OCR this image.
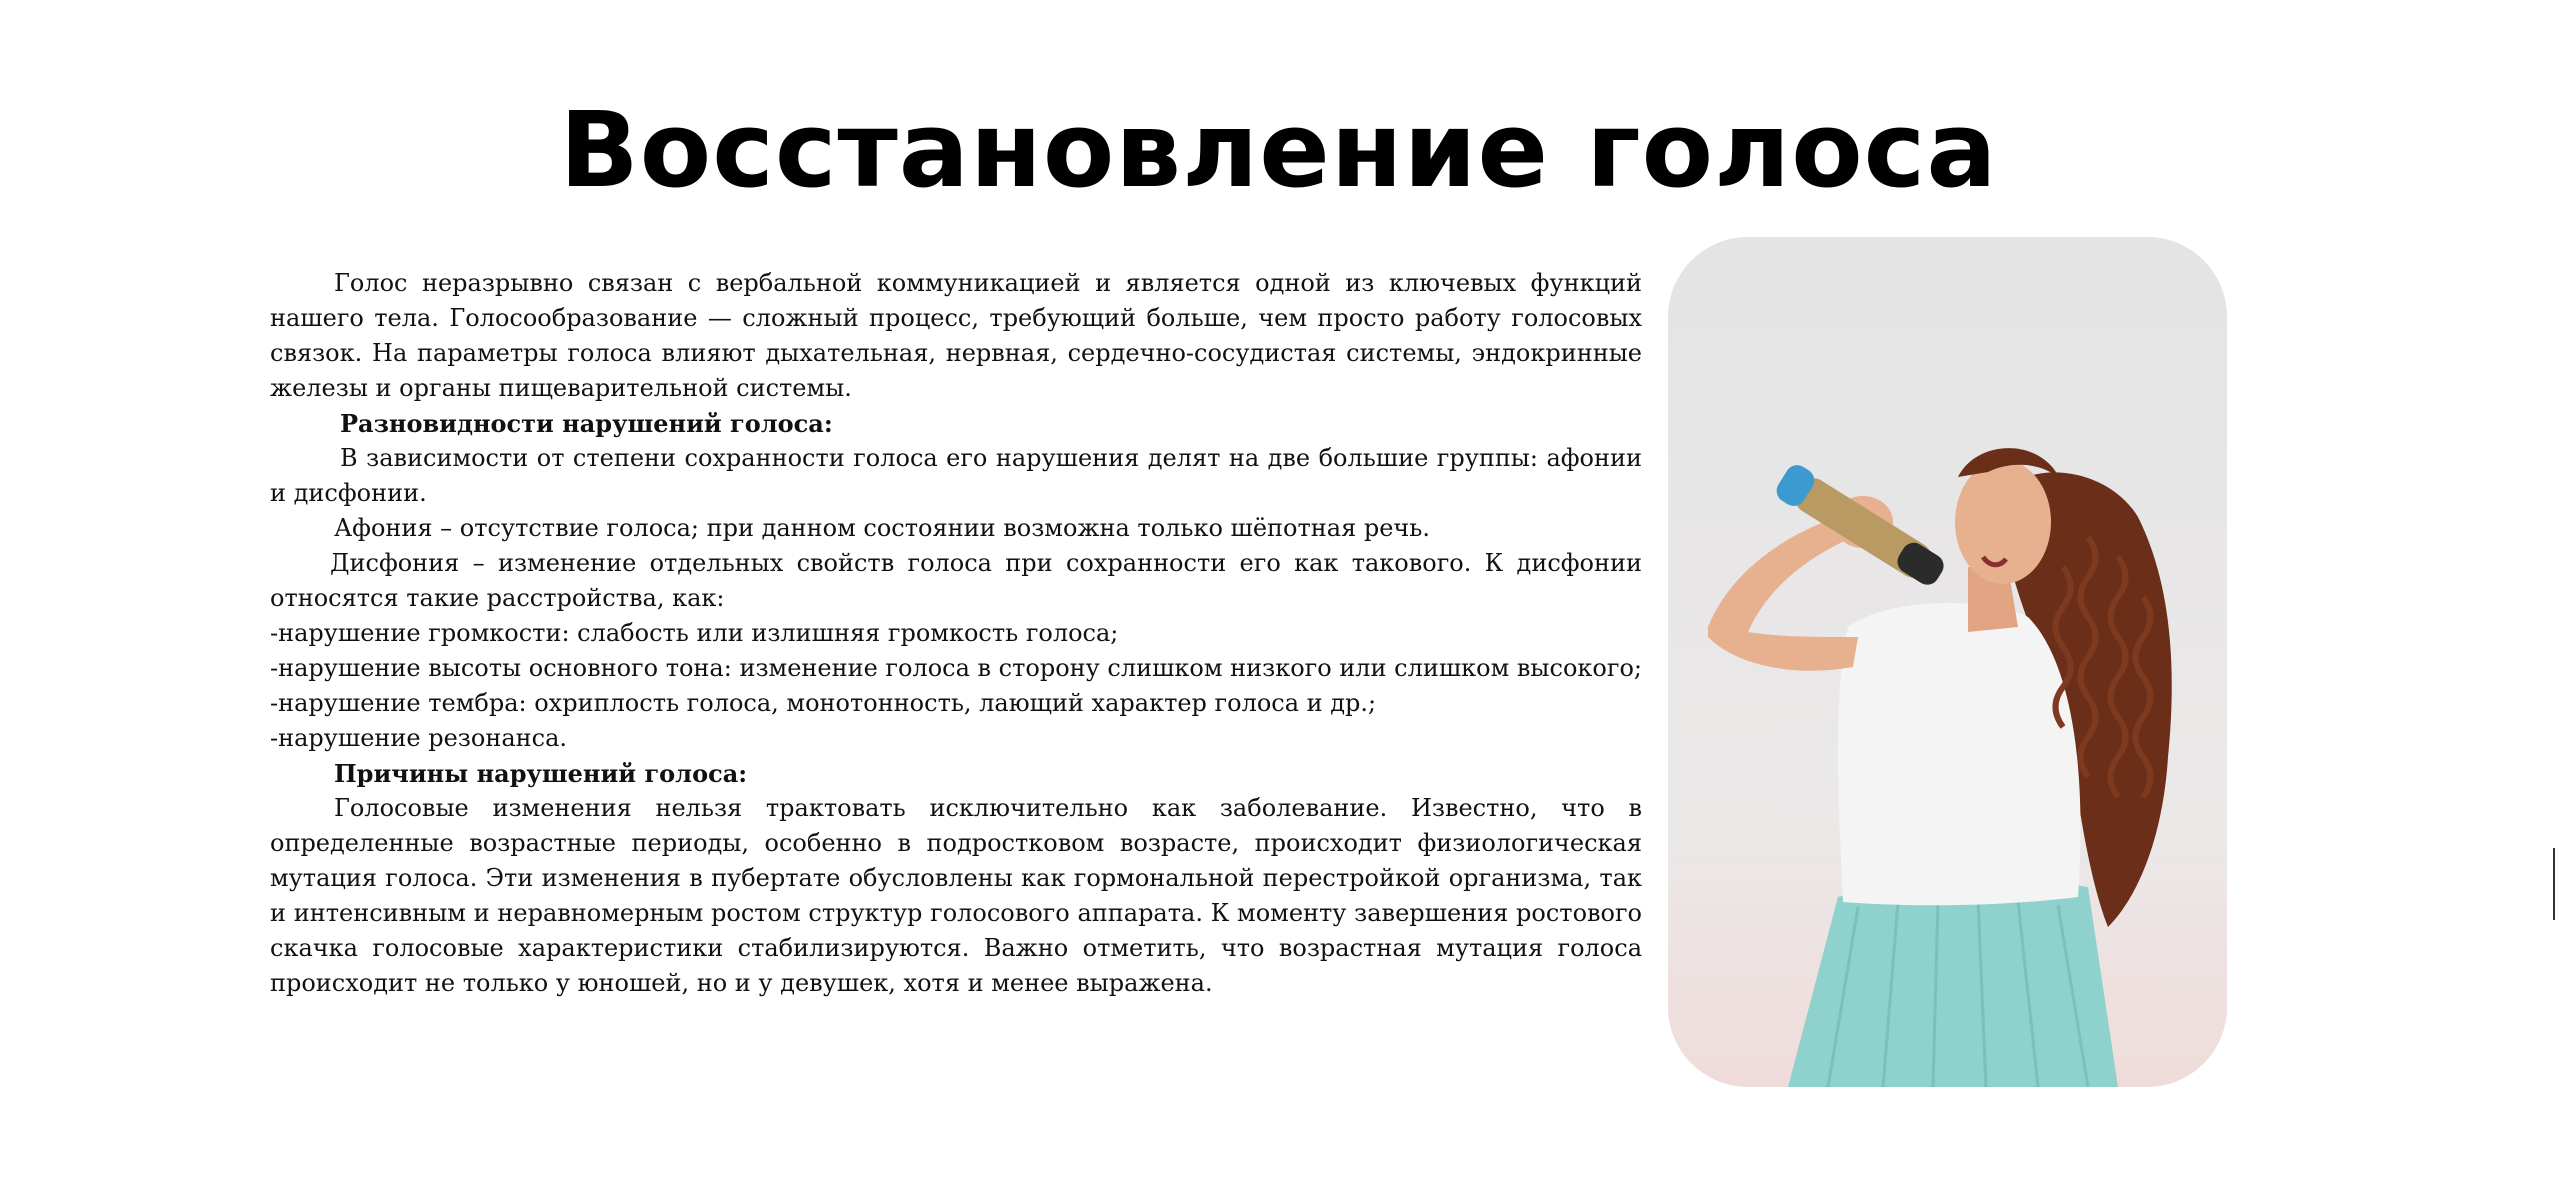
Восстановление голоса

Голос неразрывно связан с вербальной коммуникацией и является одной из ключевых функций нашего тела. Голосообразование — сложный процесс, требующий больше, чем просто работу голосовых связок. На параметры голоса влияют дыхательная, нервная, сердечно-сосудистая системы, эндокринные железы и органы пищеварительной системы.

Разновидности нарушений голоса:

В зависимости от степени сохранности голоса его нарушения делят на две большие группы: афонии и дисфонии.

Афония – отсутствие голоса; при данном состоянии возможна только шёпотная речь.

Дисфония – изменение отдельных свойств голоса при сохранности его как такового. К дисфонии относятся такие расстройства, как:

-нарушение громкости: слабость или излишняя громкость голоса;

-нарушение высоты основного тона: изменение голоса в сторону слишком низкого или слишком высокого;

-нарушение тембра: охриплость голоса, монотонность, лающий характер голоса и др.;

-нарушение резонанса.

Причины нарушений голоса:

Голосовые изменения нельзя трактовать исключительно как заболевание. Известно, что в определенные возрастные периоды, особенно в подростковом возрасте, происходит физиологическая мутация голоса. Эти изменения в пубертате обусловлены как гормональной перестройкой организма, так и интенсивным и неравномерным ростом структур голосового аппарата. К моменту завершения ростового скачка голосовые характеристики стабилизируются. Важно отметить, что возрастная мутация голоса происходит не только у юношей, но и у девушек, хотя и менее выражена.
